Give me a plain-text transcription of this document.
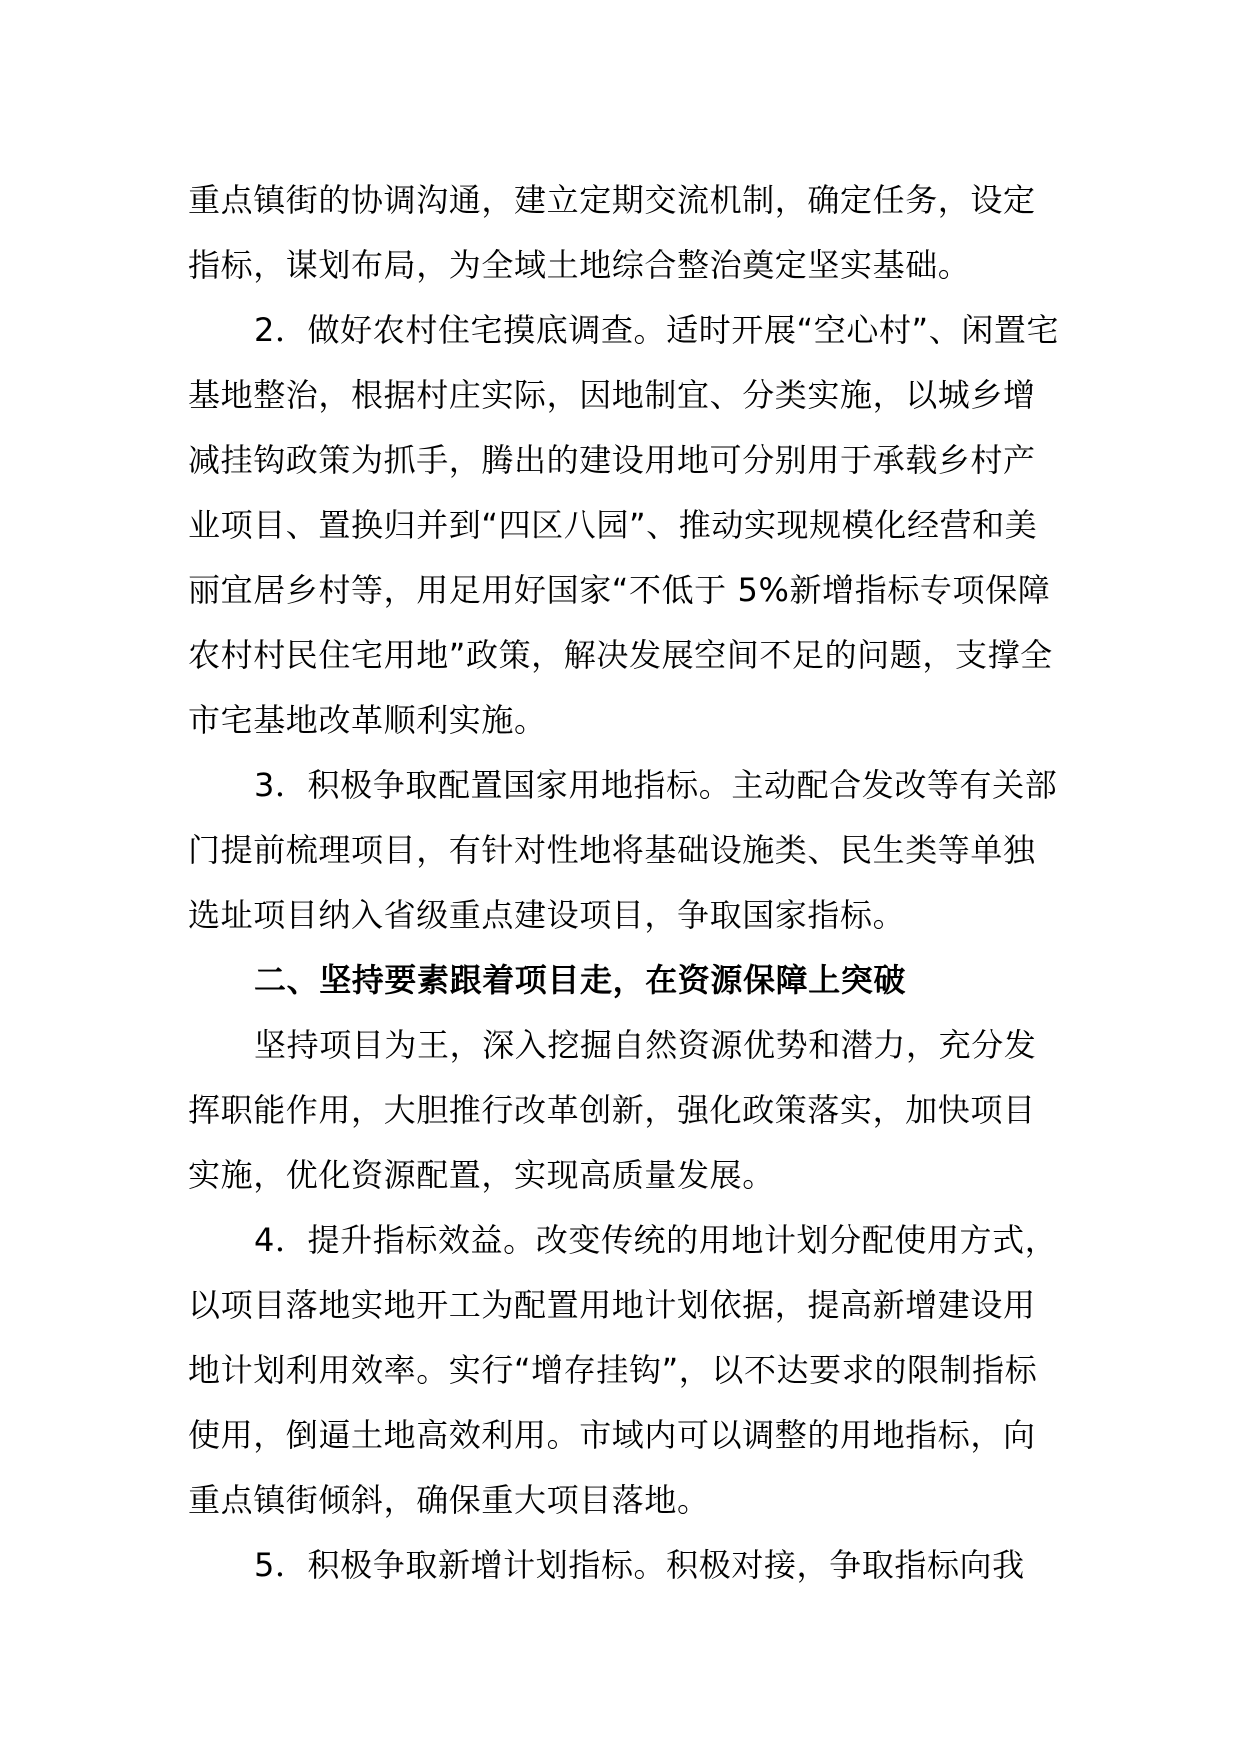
重点镇街的协调沟通，建立定期交流机制，确定任务，设定指标，谋划布局，为全域土地综合整治奠定坚实基础。

2．做好农村住宅摸底调查。适时开展“空心村”、闲置宅基地整治，根据村庄实际，因地制宜、分类实施，以城乡增减挂钩政策为抓手，腾出的建设用地可分别用于承载乡村产业项目、置换归并到“四区八园”、推动实现规模化经营和美丽宜居乡村等，用足用好国家“不低于 5%新增指标专项保障农村村民住宅用地”政策，解决发展空间不足的问题，支撑全市宅基地改革顺利实施。

3．积极争取配置国家用地指标。主动配合发改等有关部门提前梳理项目，有针对性地将基础设施类、民生类等单独选址项目纳入省级重点建设项目，争取国家指标。

二、坚持要素跟着项目走，在资源保障上突破

坚持项目为王，深入挖掘自然资源优势和潜力，充分发挥职能作用，大胆推行改革创新，强化政策落实，加快项目实施，优化资源配置，实现高质量发展。

4．提升指标效益。改变传统的用地计划分配使用方式，以项目落地实地开工为配置用地计划依据，提高新增建设用地计划利用效率。实行“增存挂钩”，以不达要求的限制指标使用，倒逼土地高效利用。市域内可以调整的用地指标，向重点镇街倾斜，确保重大项目落地。

5．积极争取新增计划指标。积极对接，争取指标向我
